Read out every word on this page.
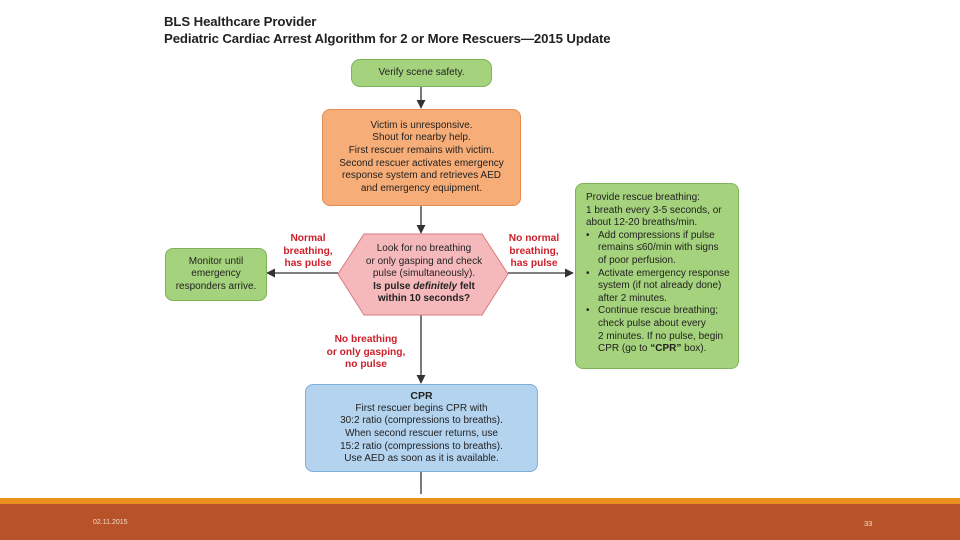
BLS Healthcare Provider
Pediatric Cardiac Arrest Algorithm for 2 or More Rescuers—2015 Update
Verify scene safety.
Victim is unresponsive.
Shout for nearby help.
First rescuer remains with victim.
Second rescuer activates emergency
response system and retrieves AED
and emergency equipment.
Look for no breathing
or only gasping and check
pulse (simultaneously).
Is pulse definitely felt
within 10 seconds?
Monitor until
emergency
responders arrive.
Provide rescue breathing:
1 breath every 3-5 seconds, or
about 12-20 breaths/min.
• Add compressions if pulse
remains ≤60/min with signs
of poor perfusion.
• Activate emergency response
system (if not already done)
after 2 minutes.
• Continue rescue breathing;
check pulse about every
2 minutes. If no pulse, begin
CPR (go to “CPR” box).
CPR
First rescuer begins CPR with
30:2 ratio (compressions to breaths).
When second rescuer returns, use
15:2 ratio (compressions to breaths).
Use AED as soon as it is available.
Normal
breathing,
has pulse
No normal
breathing,
has pulse
No breathing
or only gasping,
no pulse
02.11.2015	33
